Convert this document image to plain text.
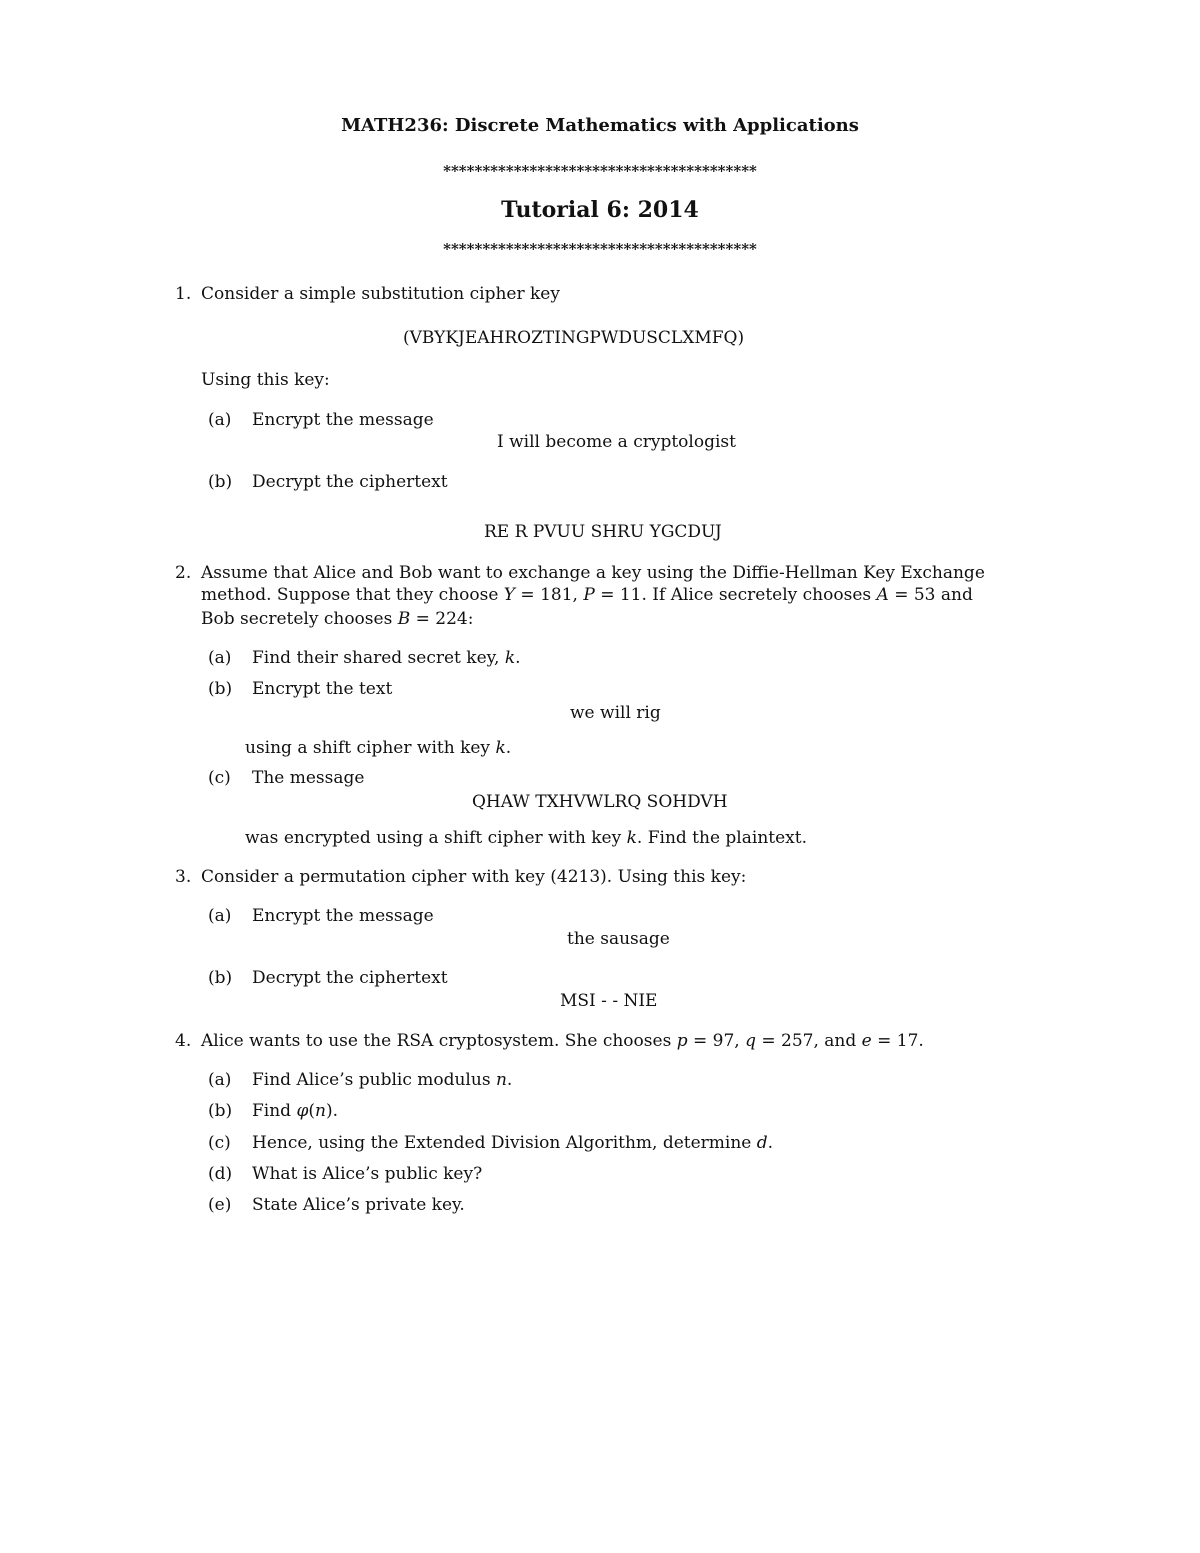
MATH236: Discrete Mathematics with Applications
****************************************
Tutorial 6: 2014
****************************************
1. Consider a simple substitution cipher key
(VBYKJEAHROZTINGPWDUSCLXMFQ)
Using this key:
(a)	Encrypt the message
I will become a cryptologist
(b)	Decrypt the ciphertext
RE R PVUU SHRU YGCDUJ
2. Assume that Alice and Bob want to exchange a key using the Diffie-Hellman Key Exchange
method. Suppose that they choose Y = 181, P = 11. If Alice secretely chooses A = 53 and
Bob secretely chooses B = 224:
(a)	Find their shared secret key, k.
(b)	Encrypt the text
we will rig
using a shift cipher with key k.
(c)	The message
QHAW TXHVWLRQ SOHDVH
was encrypted using a shift cipher with key k. Find the plaintext.
3. Consider a permutation cipher with key (4213). Using this key:
(a)	Encrypt the message
the sausage
(b)	Decrypt the ciphertext
MSI - - NIE
4. Alice wants to use the RSA cryptosystem. She chooses p = 97, q = 257, and e = 17.
(a)	Find Alice’s public modulus n.
(b)	Find φ(n).
(c)	Hence, using the Extended Division Algorithm, determine d.
(d)	What is Alice’s public key?
(e)	State Alice’s private key.
